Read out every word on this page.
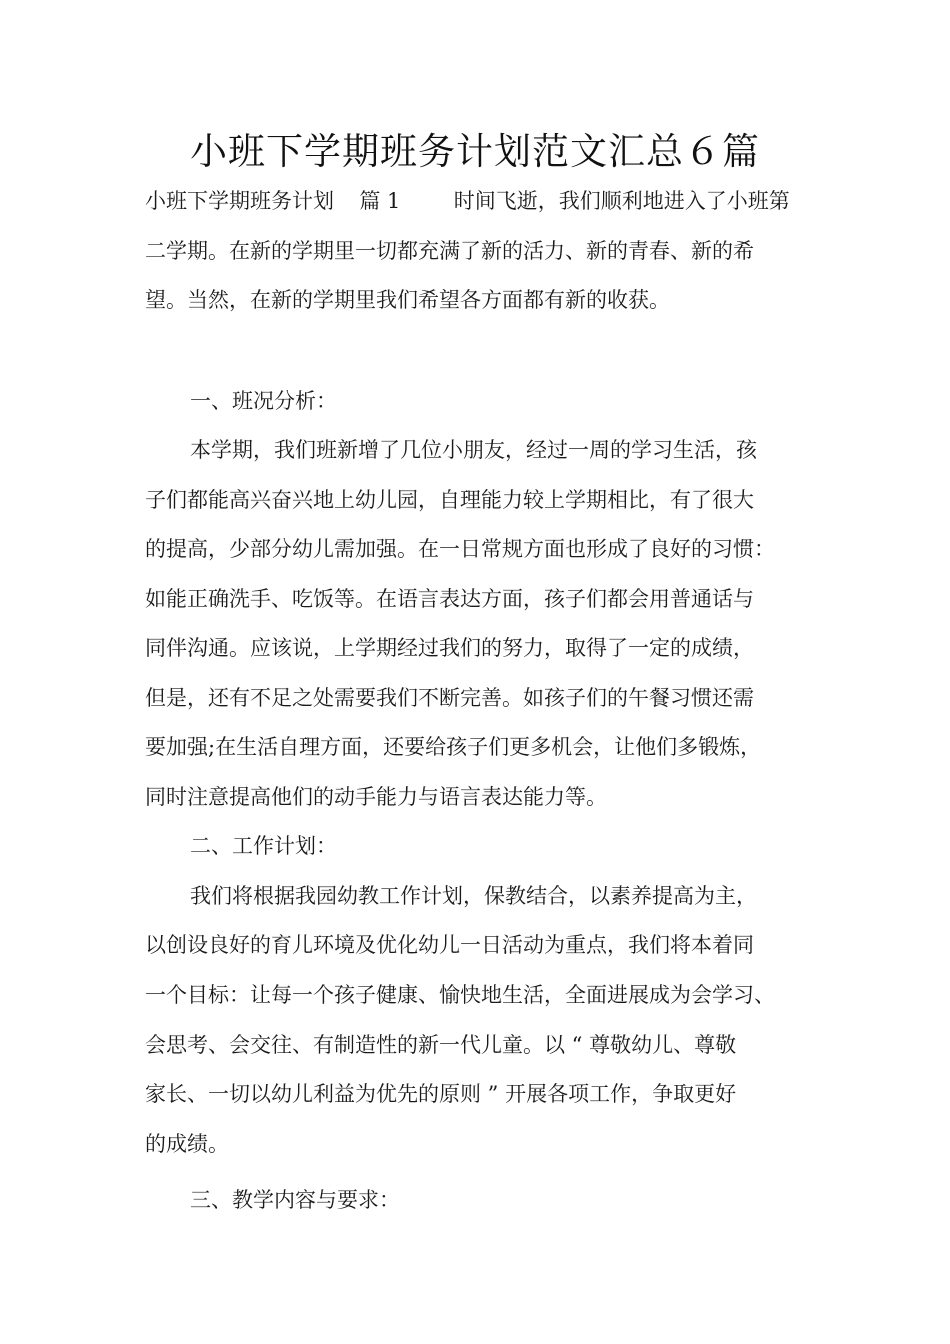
小班下学期班务计划范文汇总６篇
小班下学期班务计划 篇 1	时间飞逝，我们顺利地进入了小班第
二学期。在新的学期里一切都充满了新的活力、新的青春、新的希
望。当然，在新的学期里我们希望各方面都有新的收获。
一、班况分析：
本学期，我们班新增了几位小朋友，经过一周的学习生活，孩
子们都能高兴奋兴地上幼儿园，自理能力较上学期相比，有了很大
的提高，少部分幼儿需加强。在一日常规方面也形成了良好的习惯：
如能正确洗手、吃饭等。在语言表达方面，孩子们都会用普通话与
同伴沟通。应该说，上学期经过我们的努力，取得了一定的成绩，
但是，还有不足之处需要我们不断完善。如孩子们的午餐习惯还需
要加强;在生活自理方面，还要给孩子们更多机会，让他们多锻炼，
同时注意提高他们的动手能力与语言表达能力等。
二、工作计划：
我们将根据我园幼教工作计划，保教结合，以素养提高为主，
以创设良好的育儿环境及优化幼儿一日活动为重点，我们将本着同
一个目标：让每一个孩子健康、愉快地生活，全面进展成为会学习、
会思考、会交往、有制造性的新一代儿童。以 “ 尊敬幼儿、尊敬
家长、一切以幼儿利益为优先的原则 ” 开展各项工作，争取更好
的成绩。
三、教学内容与要求：
